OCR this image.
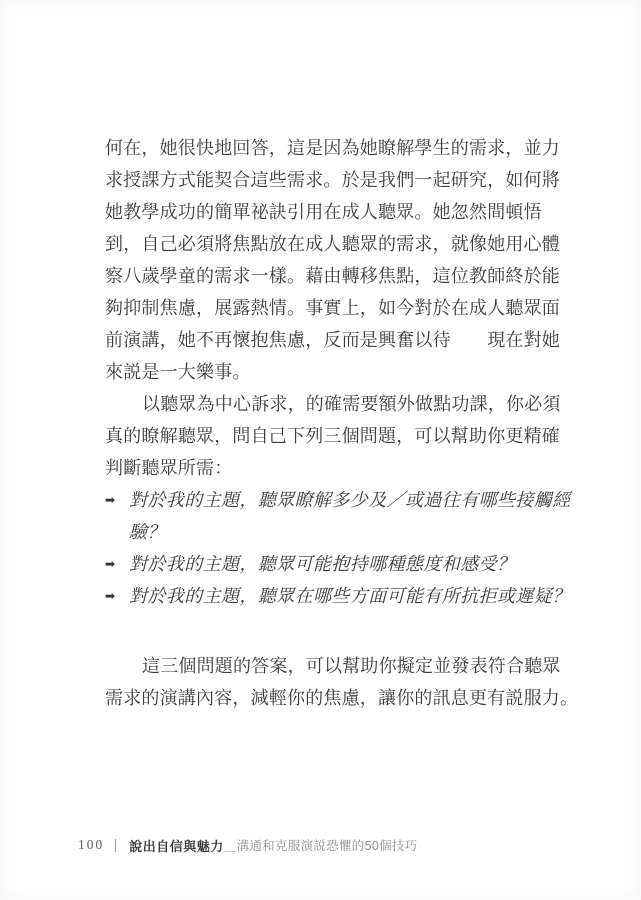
何在，她很快地回答，這是因為她瞭解學生的需求，並力
求授課方式能契合這些需求。於是我們一起研究，如何將
她教學成功的簡單祕訣引用在成人聽眾。她忽然間頓悟
到，自己必須將焦點放在成人聽眾的需求，就像她用心體
察八歲學童的需求一樣。藉由轉移焦點，這位教師終於能
夠抑制焦慮，展露熱情。事實上，如今對於在成人聽眾面
前演講，她不再懷抱焦慮，反而是興奮以待　　現在對她
來説是一大樂事。
以聽眾為中心訴求，的確需要額外做點功課，你必須
真的瞭解聽眾，問自己下列三個問題，可以幫助你更精確
判斷聽眾所需：
➡ 對於我的主題，聽眾瞭解多少及／或過往有哪些接觸經
驗？
➡ 對於我的主題，聽眾可能抱持哪種態度和感受？
➡ 對於我的主題，聽眾在哪些方面可能有所抗拒或遲疑？
這三個問題的答案，可以幫助你擬定並發表符合聽眾
需求的演講內容，減輕你的焦慮，讓你的訊息更有説服力。
100 說出自信與魅力 ＿ 溝通和克服演説恐懼的50個技巧
